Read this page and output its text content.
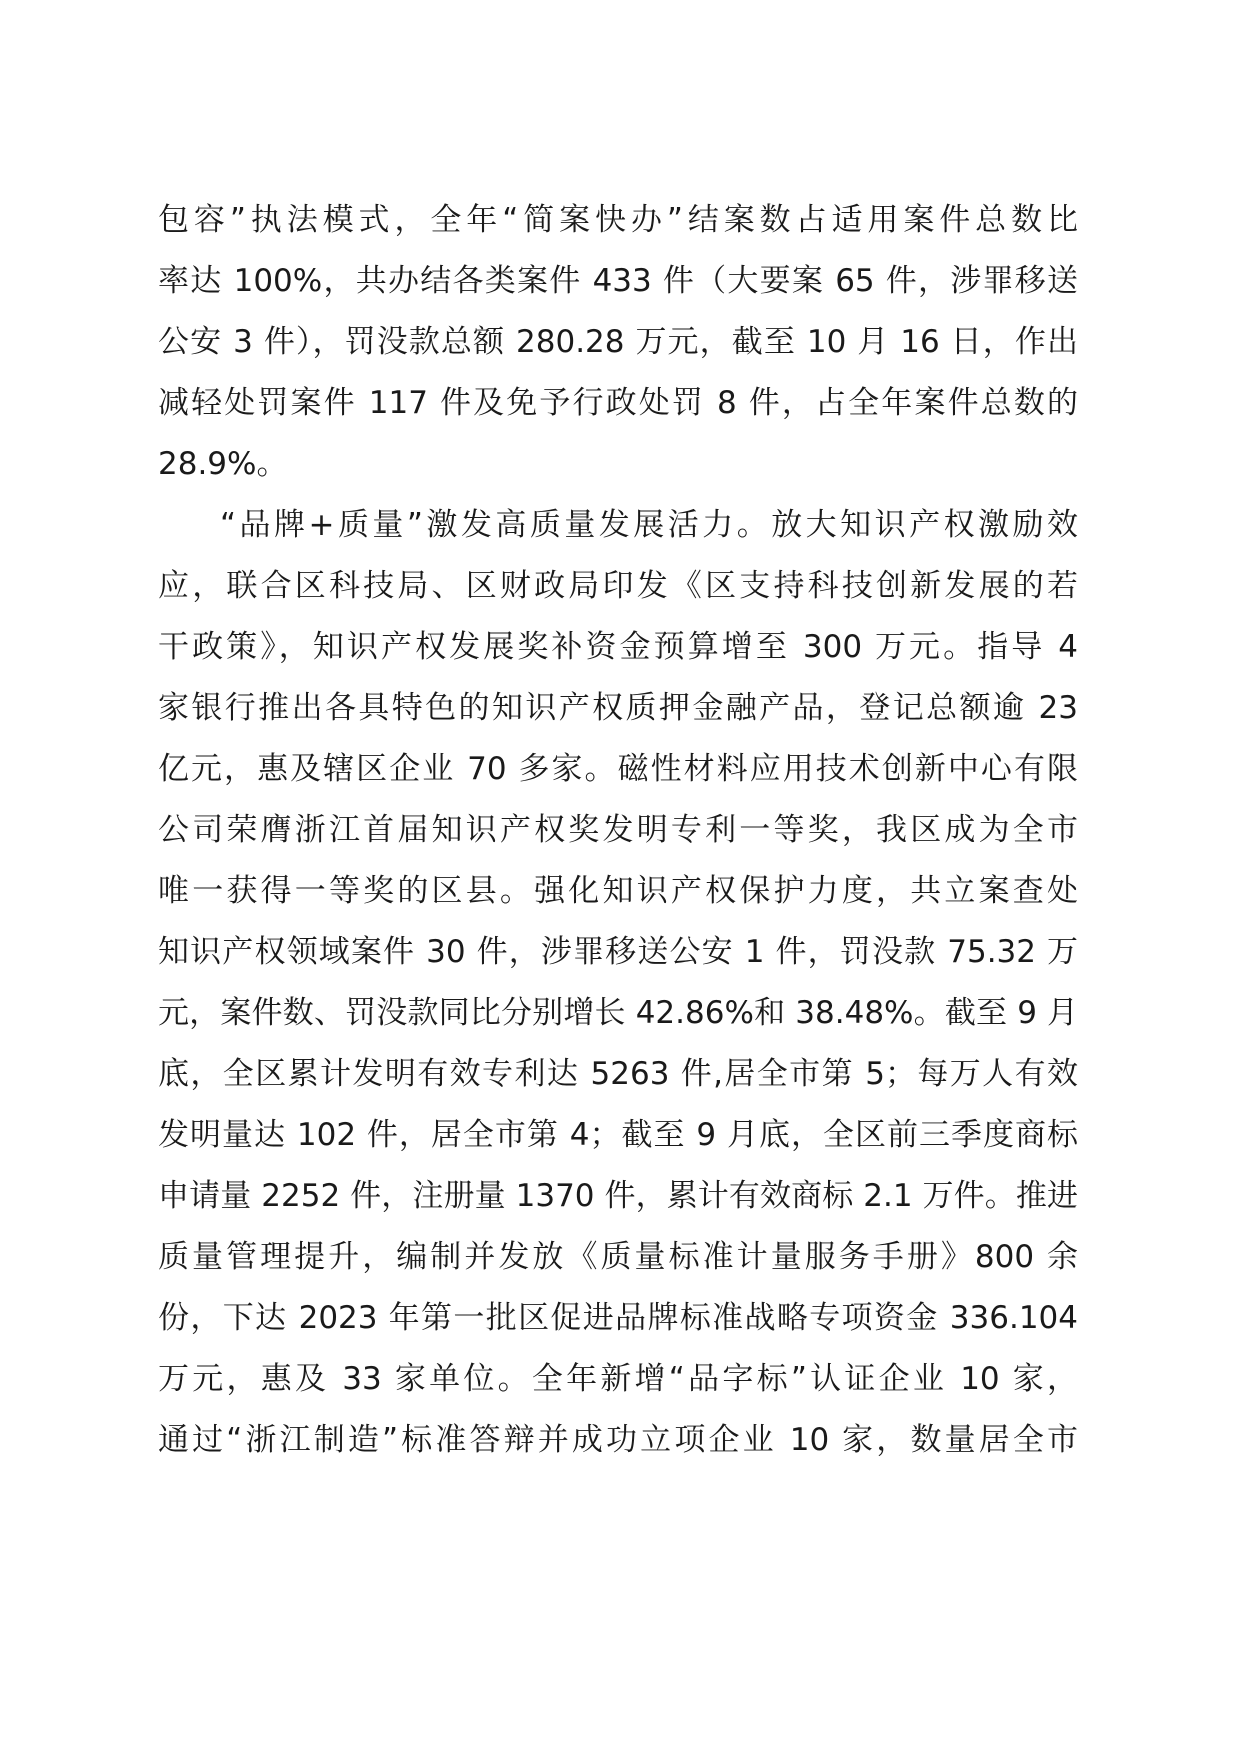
包容”执法模式，全年“简案快办”结案数占适用案件总数比
率达 100%，共办结各类案件 433 件（大要案 65 件，涉罪移送
公安 3 件），罚没款总额 280.28 万元，截至 10 月 16 日，作出
减轻处罚案件 117 件及免予行政处罚 8 件，占全年案件总数的
28.9%。
“品牌+质量”激发高质量发展活力。放大知识产权激励效
应，联合区科技局、区财政局印发《区支持科技创新发展的若
干政策》，知识产权发展奖补资金预算增至 300 万元。指导 4
家银行推出各具特色的知识产权质押金融产品，登记总额逾 23
亿元，惠及辖区企业 70 多家。磁性材料应用技术创新中心有限
公司荣膺浙江首届知识产权奖发明专利一等奖，我区成为全市
唯一获得一等奖的区县。强化知识产权保护力度，共立案查处
知识产权领域案件 30 件，涉罪移送公安 1 件，罚没款 75.32 万
元，案件数、罚没款同比分别增长 42.86%和 38.48%。截至 9 月
底，全区累计发明有效专利达 5263 件,居全市第 5；每万人有效
发明量达 102 件，居全市第 4；截至 9 月底，全区前三季度商标
申请量 2252 件，注册量 1370 件，累计有效商标 2.1 万件。推进
质量管理提升，编制并发放《质量标准计量服务手册》800 余
份，下达 2023 年第一批区促进品牌标准战略专项资金 336.104
万元，惠及 33 家单位。全年新增“品字标”认证企业 10 家，
通过“浙江制造”标准答辩并成功立项企业 10 家，数量居全市
